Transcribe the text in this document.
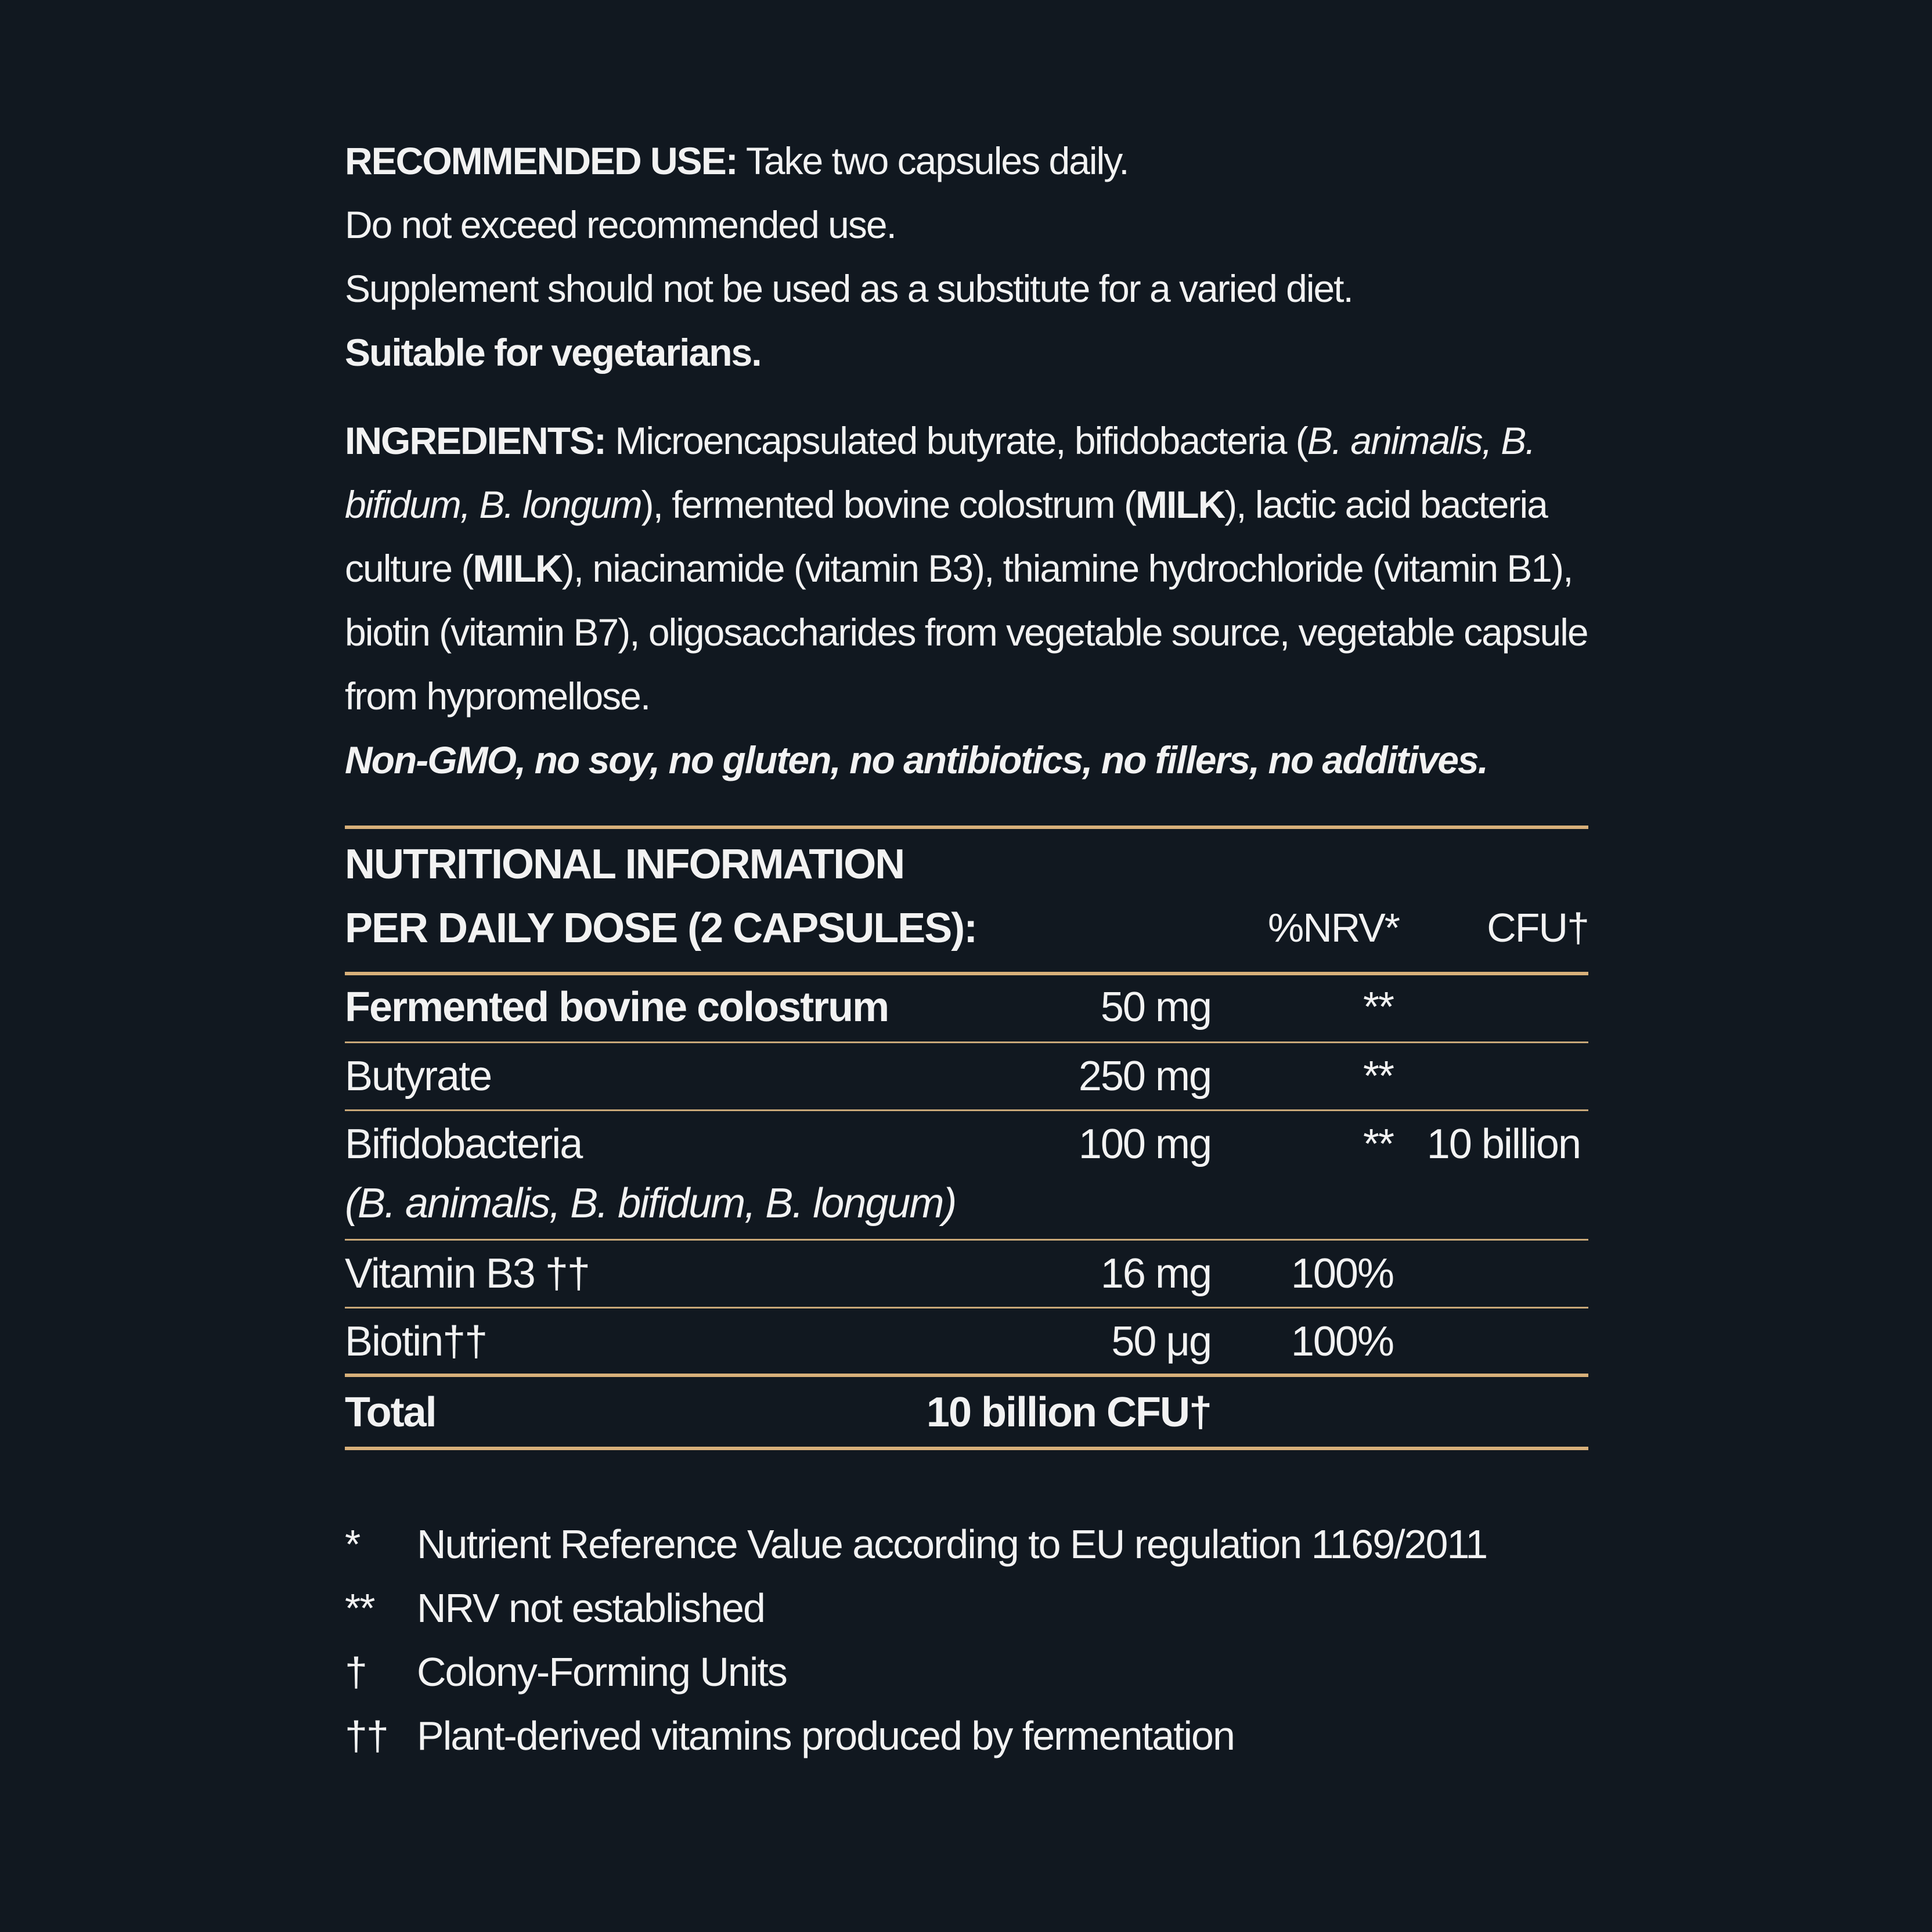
RECOMMENDED USE: Take two capsules daily.
Do not exceed recommended use.
Supplement should not be used as a substitute for a varied diet.
Suitable for vegetarians.
INGREDIENTS: Microencapsulated butyrate, bifidobacteria (B. animalis, B.
bifidum, B. longum), fermented bovine colostrum (MILK), lactic acid bacteria
culture (MILK), niacinamide (vitamin B3), thiamine hydrochloride (vitamin B1),
biotin (vitamin B7), oligosaccharides from vegetable source, vegetable capsule
from hypromellose.
Non-GMO, no soy, no gluten, no antibiotics, no fillers, no additives.
NUTRITIONAL INFORMATION
PER DAILY DOSE (2 CAPSULES):	%NRV* CFU†
Fermented bovine colostrum	50 mg	**
Butyrate	250 mg	**
Bifidobacteria
(B. animalis, B. bifidum, B. longum)
100 mg	** 10 billion
Vitamin B3 ††	16 mg 100%
Biotin††	50 μg 100%
Total	10 billion CFU†
* Nutrient Reference Value according to EU regulation 1169/2011
** NRV not established
† Colony-Forming Units
†† Plant-derived vitamins produced by fermentation
